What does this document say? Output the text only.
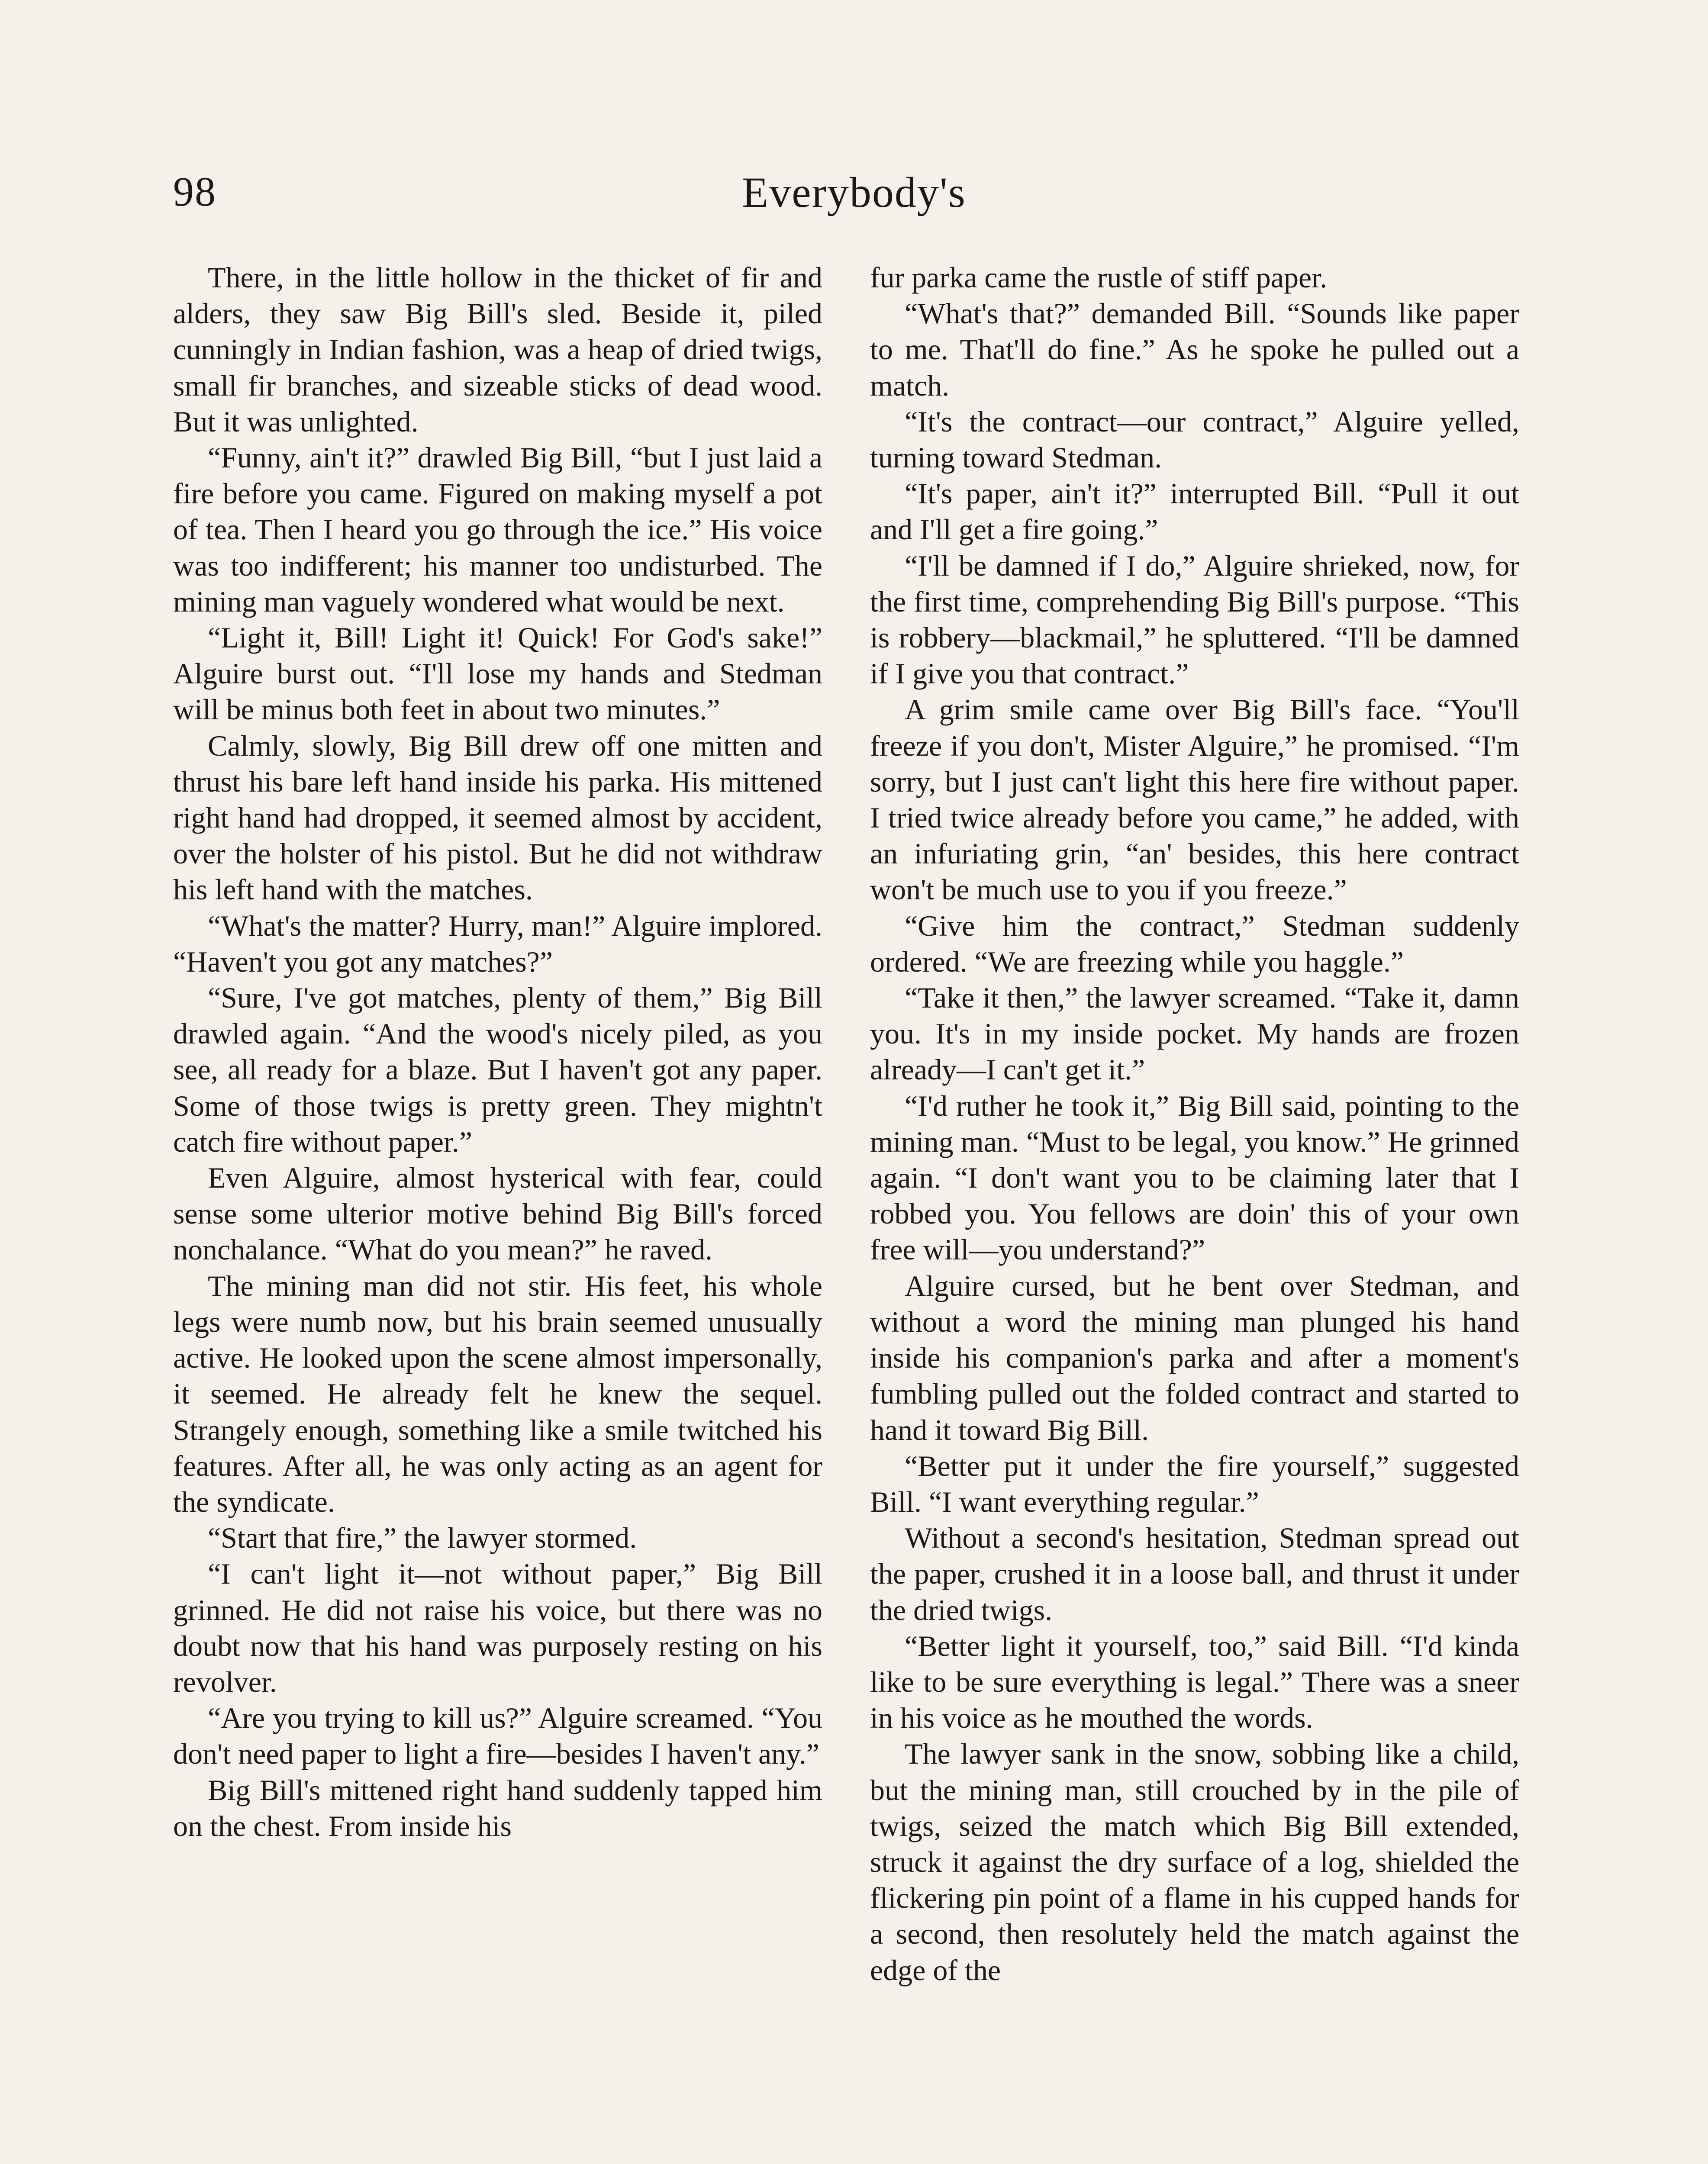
98	Everybody's

There, in the little hollow in the thicket of fir and alders, they saw Big Bill's sled. Beside it, piled cunningly in Indian fashion, was a heap of dried twigs, small fir branches, and sizeable sticks of dead wood. But it was unlighted.

“Funny, ain't it?” drawled Big Bill, “but I just laid a fire before you came. Figured on making myself a pot of tea. Then I heard you go through the ice.” His voice was too indifferent; his manner too undisturbed. The mining man vaguely wondered what would be next.

“Light it, Bill! Light it! Quick! For God's sake!” Alguire burst out. “I'll lose my hands and Stedman will be minus both feet in about two minutes.”

Calmly, slowly, Big Bill drew off one mitten and thrust his bare left hand inside his parka. His mittened right hand had dropped, it seemed almost by accident, over the holster of his pistol. But he did not withdraw his left hand with the matches.

“What's the matter? Hurry, man!” Alguire implored. “Haven't you got any matches?”

“Sure, I've got matches, plenty of them,” Big Bill drawled again. “And the wood's nicely piled, as you see, all ready for a blaze. But I haven't got any paper. Some of those twigs is pretty green. They mightn't catch fire without paper.”

Even Alguire, almost hysterical with fear, could sense some ulterior motive behind Big Bill's forced nonchalance. “What do you mean?” he raved.

The mining man did not stir. His feet, his whole legs were numb now, but his brain seemed unusually active. He looked upon the scene almost impersonally, it seemed. He already felt he knew the sequel. Strangely enough, something like a smile twitched his features. After all, he was only acting as an agent for the syndicate.

“Start that fire,” the lawyer stormed.

“I can't light it—not without paper,” Big Bill grinned. He did not raise his voice, but there was no doubt now that his hand was purposely resting on his revolver.

“Are you trying to kill us?” Alguire screamed. “You don't need paper to light a fire—besides I haven't any.”

Big Bill's mittened right hand suddenly tapped him on the chest. From inside his

fur parka came the rustle of stiff paper.

“What's that?” demanded Bill. “Sounds like paper to me. That'll do fine.” As he spoke he pulled out a match.

“It's the contract—our contract,” Alguire yelled, turning toward Stedman.

“It's paper, ain't it?” interrupted Bill. “Pull it out and I'll get a fire going.”

“I'll be damned if I do,” Alguire shrieked, now, for the first time, comprehending Big Bill's purpose. “This is robbery—blackmail,” he spluttered. “I'll be damned if I give you that contract.”

A grim smile came over Big Bill's face. “You'll freeze if you don't, Mister Alguire,” he promised. “I'm sorry, but I just can't light this here fire without paper. I tried twice already before you came,” he added, with an infuriating grin, “an' besides, this here contract won't be much use to you if you freeze.”

“Give him the contract,” Stedman suddenly ordered. “We are freezing while you haggle.”

“Take it then,” the lawyer screamed. “Take it, damn you. It's in my inside pocket. My hands are frozen already—I can't get it.”

“I'd ruther he took it,” Big Bill said, pointing to the mining man. “Must to be legal, you know.” He grinned again. “I don't want you to be claiming later that I robbed you. You fellows are doin' this of your own free will—you understand?”

Alguire cursed, but he bent over Stedman, and without a word the mining man plunged his hand inside his companion's parka and after a moment's fumbling pulled out the folded contract and started to hand it toward Big Bill.

“Better put it under the fire yourself,” suggested Bill. “I want everything regular.”

Without a second's hesitation, Stedman spread out the paper, crushed it in a loose ball, and thrust it under the dried twigs.

“Better light it yourself, too,” said Bill. “I'd kinda like to be sure everything is legal.” There was a sneer in his voice as he mouthed the words.

The lawyer sank in the snow, sobbing like a child, but the mining man, still crouched by in the pile of twigs, seized the match which Big Bill extended, struck it against the dry surface of a log, shielded the flickering pin point of a flame in his cupped hands for a second, then resolutely held the match against the edge of the
